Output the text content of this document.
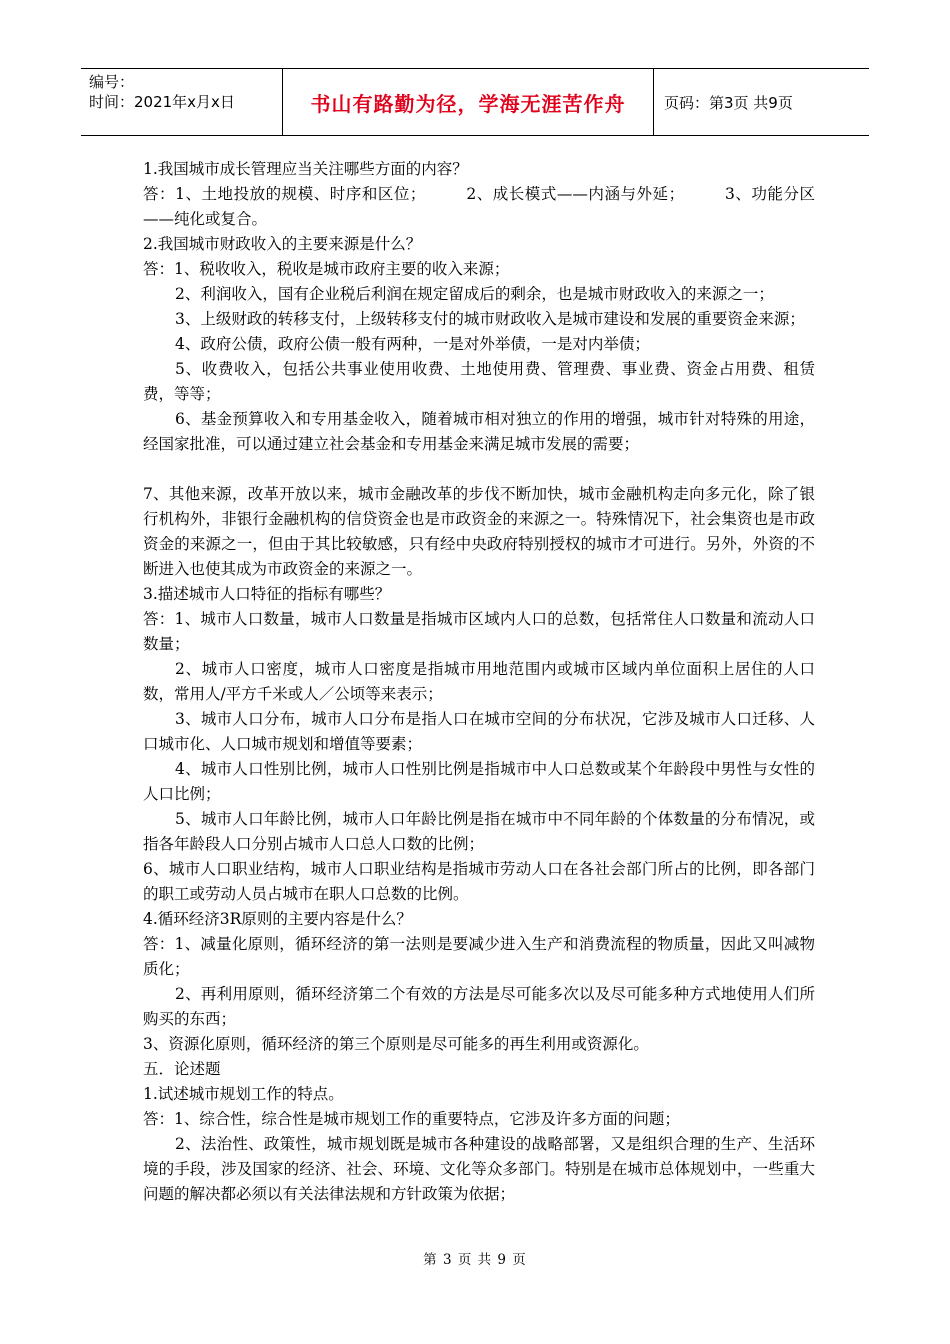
编号：
时间：2021年x月x日	书山有路勤为径，学海无涯苦作舟	页码：第3页 共9页

1.我国城市成长管理应当关注哪些方面的内容？

答：1、土地投放的规模、时序和区位；　　　2、成长模式——内涵与外延；　　　3、功能分区——纯化或复合。

2.我国城市财政收入的主要来源是什么？

答：1、税收收入，税收是城市政府主要的收入来源；

2、利润收入，国有企业税后利润在规定留成后的剩余，也是城市财政收入的来源之一；

3、上级财政的转移支付，上级转移支付的城市财政收入是城市建设和发展的重要资金来源；

4、政府公债，政府公债一般有两种，一是对外举债，一是对内举债；

5、收费收入，包括公共事业使用收费、土地使用费、管理费、事业费、资金占用费、租赁费，等等；

6、基金预算收入和专用基金收入，随着城市相对独立的作用的增强，城市针对特殊的用途，经国家批准，可以通过建立社会基金和专用基金来满足城市发展的需要；

7、其他来源，改革开放以来，城市金融改革的步伐不断加快，城市金融机构走向多元化，除了银行机构外，非银行金融机构的信贷资金也是市政资金的来源之一。特殊情况下，社会集资也是市政资金的来源之一，但由于其比较敏感，只有经中央政府特别授权的城市才可进行。另外，外资的不断进入也使其成为市政资金的来源之一。

3.描述城市人口特征的指标有哪些？

答：1、城市人口数量，城市人口数量是指城市区域内人口的总数，包括常住人口数量和流动人口数量；

2、城市人口密度，城市人口密度是指城市用地范围内或城市区域内单位面积上居住的人口数，常用人/平方千米或人／公顷等来表示；

3、城市人口分布，城市人口分布是指人口在城市空间的分布状况，它涉及城市人口迁移、人口城市化、人口城市规划和增值等要素；

4、城市人口性别比例，城市人口性别比例是指城市中人口总数或某个年龄段中男性与女性的人口比例；

5、城市人口年龄比例，城市人口年龄比例是指在城市中不同年龄的个体数量的分布情况，或指各年龄段人口分别占城市人口总人口数的比例；

6、城市人口职业结构，城市人口职业结构是指城市劳动人口在各社会部门所占的比例，即各部门的职工或劳动人员占城市在职人口总数的比例。

4.循环经济3R原则的主要内容是什么？

答：1、减量化原则，循环经济的第一法则是要减少进入生产和消费流程的物质量，因此又叫减物质化；

2、再利用原则，循环经济第二个有效的方法是尽可能多次以及尽可能多种方式地使用人们所购买的东西；

3、资源化原则，循环经济的第三个原则是尽可能多的再生利用或资源化。

五．论述题

1.试述城市规划工作的特点。

答：1、综合性，综合性是城市规划工作的重要特点，它涉及许多方面的问题；

2、法治性、政策性，城市规划既是城市各种建设的战略部署，又是组织合理的生产、生活环境的手段，涉及国家的经济、社会、环境、文化等众多部门。特别是在城市总体规划中，一些重大问题的解决都必须以有关法律法规和方针政策为依据；

第 3 页 共 9 页
